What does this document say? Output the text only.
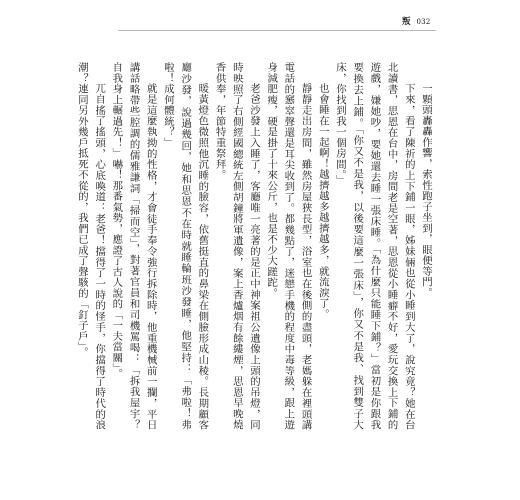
叛 032

一顆頭轟轟作響，索性跑子坐到，眼便等門。

下來，看了陳祈的上下鋪一眼，姊妹倆也從小睡到大了，說究竟？她在台北讀書，思恩在台中，房間老是空著，思恩從小睡癖不好，愛玩交換上下鋪的遊戲，嫌她吵，要她還去睡一張床睡。「為什麼只能睡下鋪？」當初是你跟我要換去上鋪。「你又不是我，以後要這麼一張床」，你又不是我、找到雙子大床，你找到我一個房間。」

也會睡在一起啊！越擠越多越擠越多，就流淚了。

靜靜走出房間，雖然房屋狹長型，浴室也在後側的盡頭，老媽躲在裡頭講電話的窸窣聲還是耳尖收到了。都幾點了，迷戀手機的程度中毒等級，跟上遊身減肥瘦，硬是掛了十來公斤，也是不少大蹉跎。

老爸沙發上入睡了，客廳唯一亮著的是正中神案祖公遺像上頭的吊燈，同時映照了右側經國總統左側胡鐘將軍遺像，案上香爐烟有餘縷煙，思恩早晚燒香供奉，年節特重祭拜。

暖黃燈色微照他沉睡的臉容，依舊挺直的鼻梁在側臉形成山稜。長期顧客廳沙發，說過幾回，她和思恩不在時就睡輪班沙發睡，他堅持：「弗啦！弗啦！成何體統？」

就是這麼執拗的性格，才會徒手奉令強行拆除時，他重機械前一攔，平日講話略帶些腔調的儒雅謙詞「掃而空」，對著官員和司機罵喝：「拆我屋宇？自我身上輾過先！」嚇！那番氣勢，應證了古人說的「一夫當關」。

兀自搖了搖頭，心底喚道：老爸！擋得了一時的怪手，你擋得了時代的浪潮？連同另外幾戶抵死不從的，我們已成了聲駭的「釘子戶」。
